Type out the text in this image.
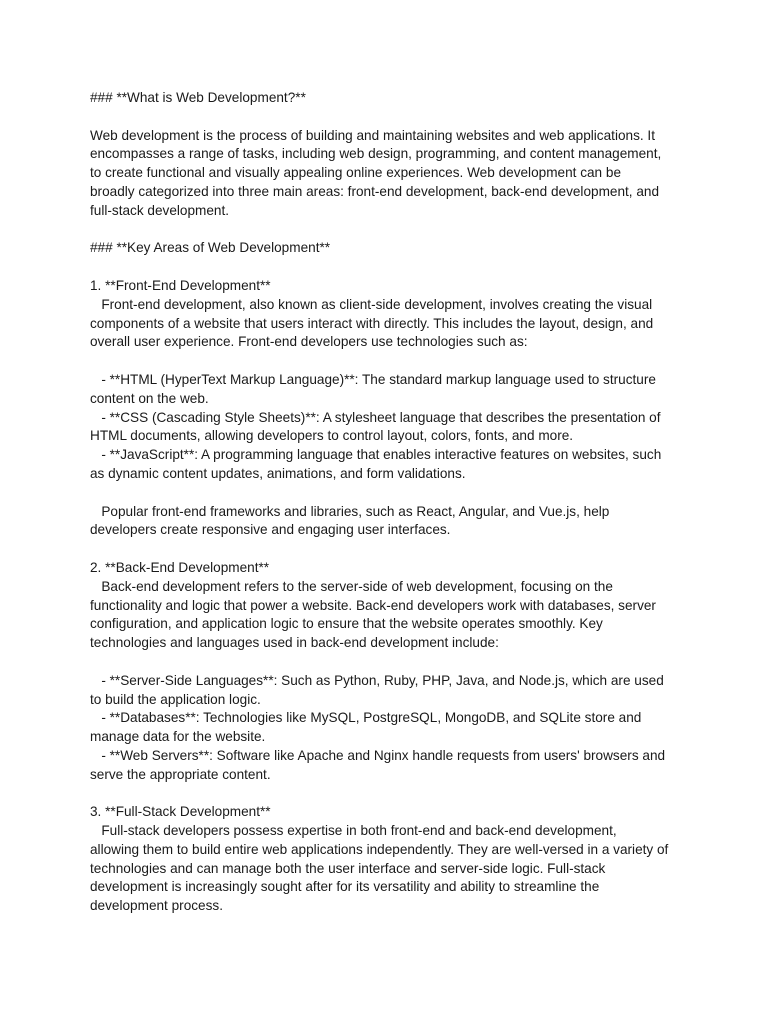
### **What is Web Development?**
Web development is the process of building and maintaining websites and web applications. It
encompasses a range of tasks, including web design, programming, and content management,
to create functional and visually appealing online experiences. Web development can be
broadly categorized into three main areas: front-end development, back-end development, and
full-stack development.
### **Key Areas of Web Development**
1. **Front-End Development**
Front-end development, also known as client-side development, involves creating the visual
components of a website that users interact with directly. This includes the layout, design, and
overall user experience. Front-end developers use technologies such as:
- **HTML (HyperText Markup Language)**: The standard markup language used to structure
content on the web.
- **CSS (Cascading Style Sheets)**: A stylesheet language that describes the presentation of
HTML documents, allowing developers to control layout, colors, fonts, and more.
- **JavaScript**: A programming language that enables interactive features on websites, such
as dynamic content updates, animations, and form validations.
Popular front-end frameworks and libraries, such as React, Angular, and Vue.js, help
developers create responsive and engaging user interfaces.
2. **Back-End Development**
Back-end development refers to the server-side of web development, focusing on the
functionality and logic that power a website. Back-end developers work with databases, server
configuration, and application logic to ensure that the website operates smoothly. Key
technologies and languages used in back-end development include:
- **Server-Side Languages**: Such as Python, Ruby, PHP, Java, and Node.js, which are used
to build the application logic.
- **Databases**: Technologies like MySQL, PostgreSQL, MongoDB, and SQLite store and
manage data for the website.
- **Web Servers**: Software like Apache and Nginx handle requests from users' browsers and
serve the appropriate content.
3. **Full-Stack Development**
Full-stack developers possess expertise in both front-end and back-end development,
allowing them to build entire web applications independently. They are well-versed in a variety of
technologies and can manage both the user interface and server-side logic. Full-stack
development is increasingly sought after for its versatility and ability to streamline the
development process.
